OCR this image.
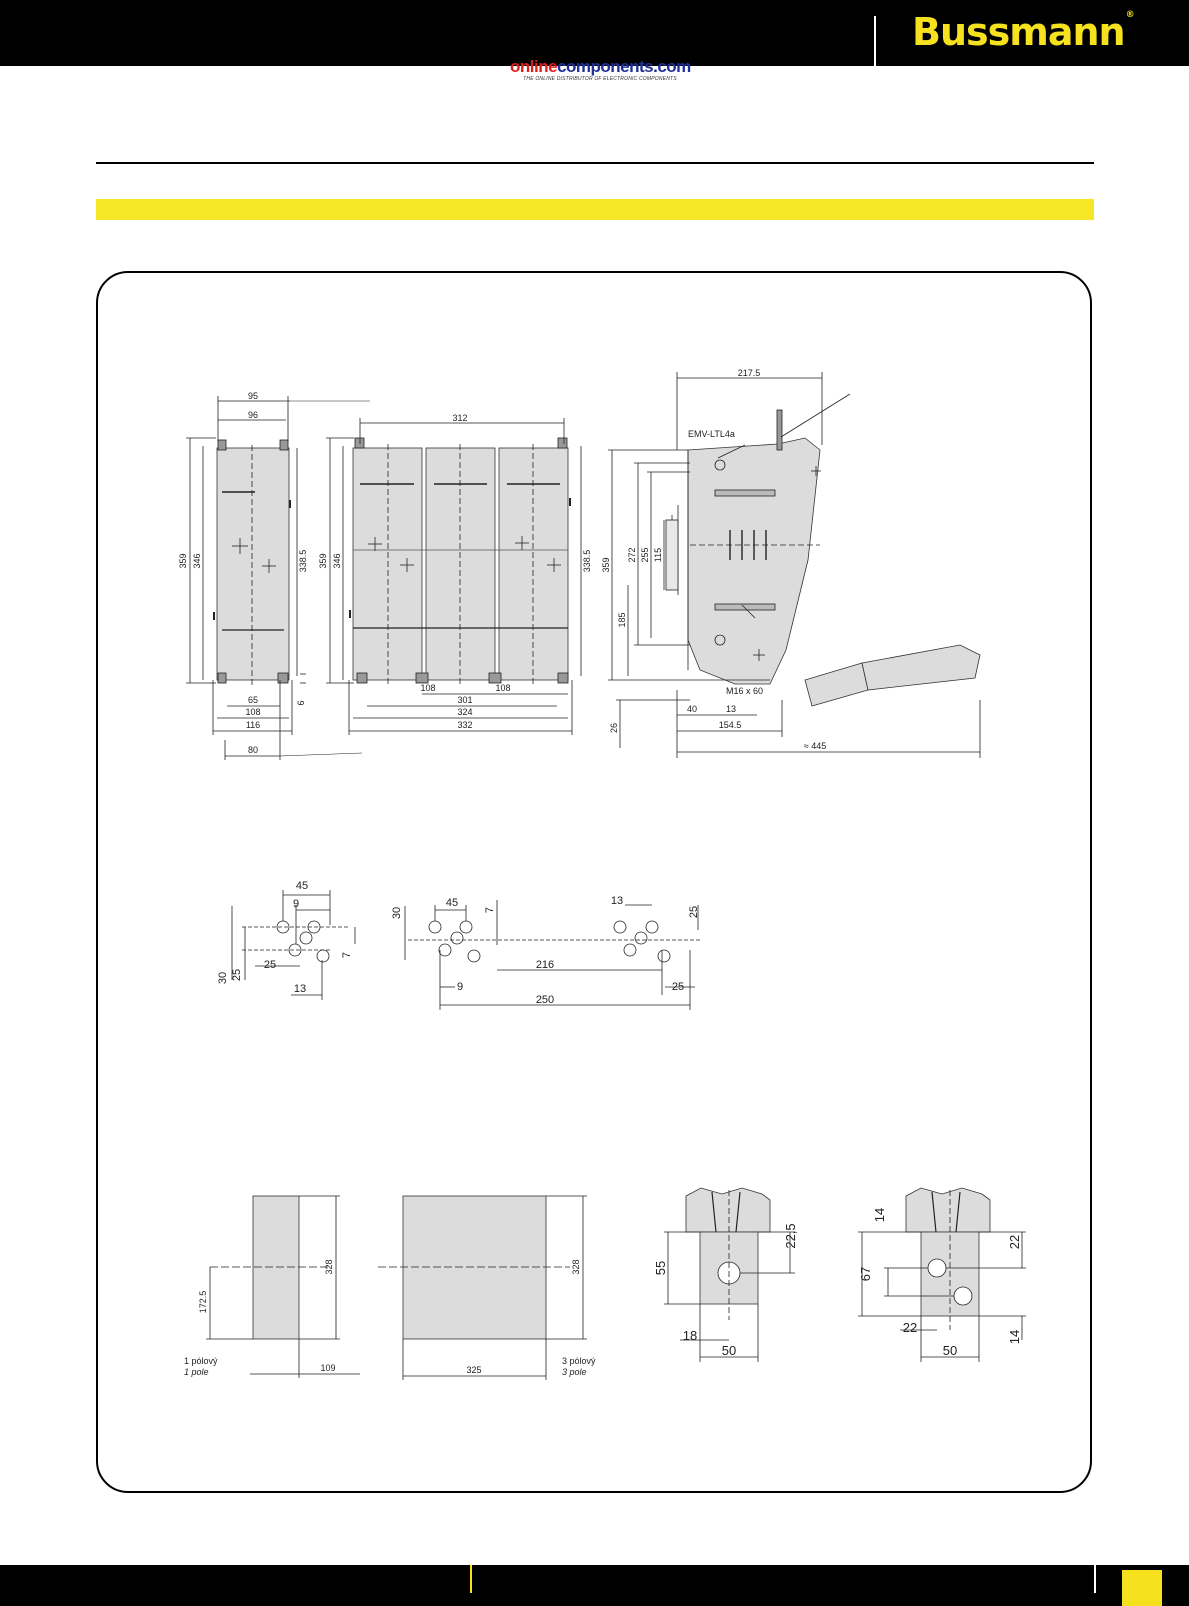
Bussmann®
onlinecomponents.com
THE ONLINE DISTRIBUTOR OF ELECTRONIC COMPONENTS
95
96
359 346	338.5
6
65
108
116
80
312
359 346	338.5
108	108
301
324
332
217.5
EMV-LTL4a
M16 x 60
359
272 255 115
185
26
40	13
154.5
≈ 445
45
9
7
30 25
25
13
30
45
7
13
25
216
9	25
250
328
172.5
109
1 pólový
1 pole
328
325
3 pólový
3 pole
55
22,5
18
50
14
67
22
22
14
50
